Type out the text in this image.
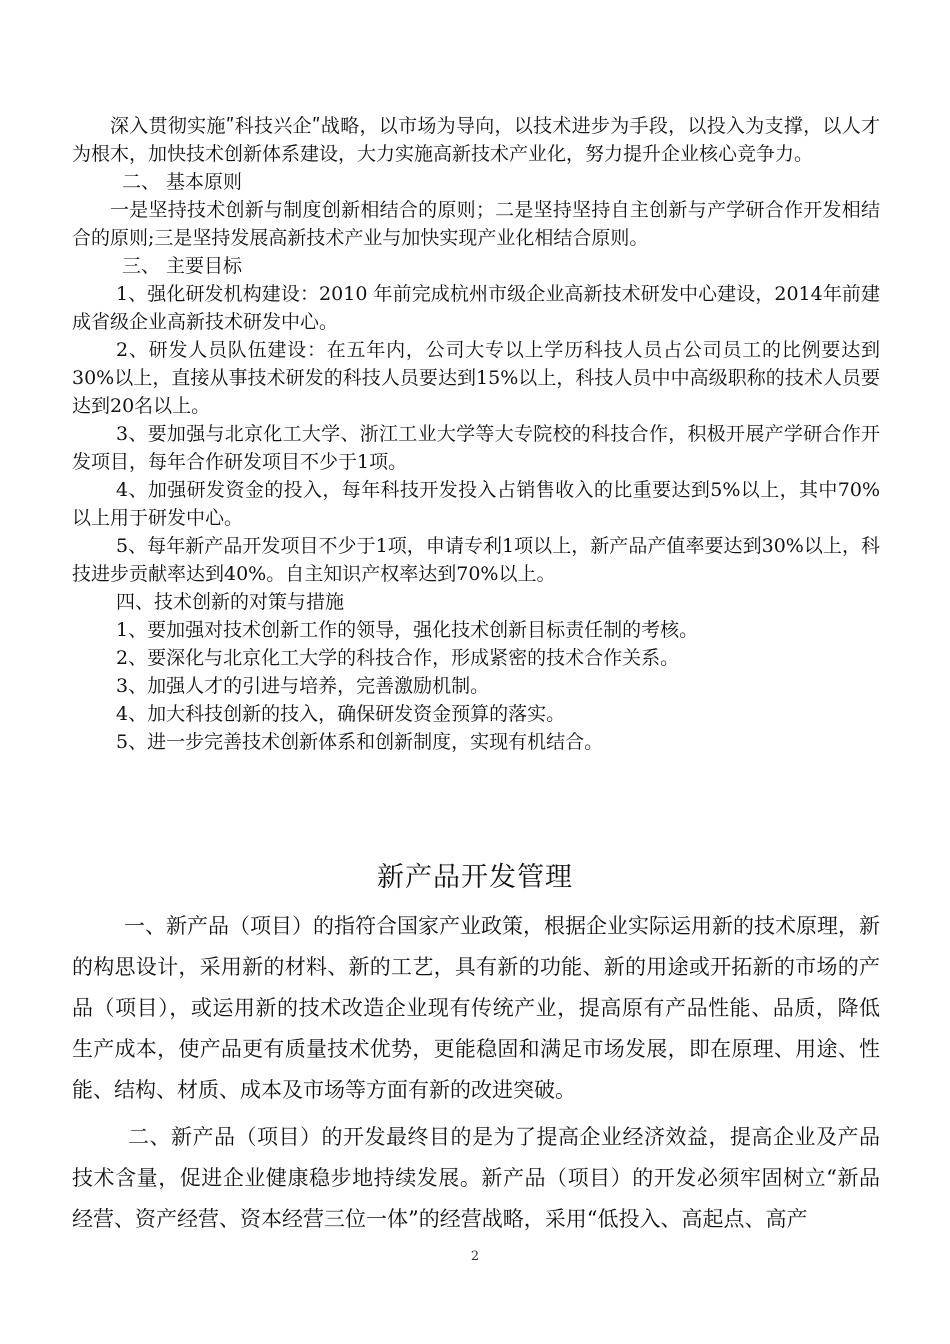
深入贯彻实施ʺ科技兴企ʺ战略，以市场为导向，以技术进步为手段，以投入为支撑，以人才为根木，加快技术创新体系建设，大力实施高新技术产业化，努力提升企业核心竞争力。

二、 基本原则

一是坚持技术创新与制度创新相结合的原则；二是坚持坚持自主创新与产学研合作开发相结合的原则;三是坚持发展高新技术产业与加快实现产业化相结合原则。

三、 主要目标

1、强化研发机构建设：2010 年前完成杭州市级企业高新技术研发中心建设，2014年前建成省级企业高新技术研发中心。

2、研发人员队伍建设：在五年内，公司大专以上学历科技人员占公司员工的比例要达到30%以上，直接从事技术研发的科技人员要达到15%以上，科技人员中中高级职称的技术人员要达到20名以上。

3、要加强与北京化工大学、浙江工业大学等大专院校的科技合作，积极开展产学研合作开发项目，每年合作研发项目不少于1项。

4、加强研发资金的投入，每年科技开发投入占销售收入的比重要达到5%以上，其中70%以上用于研发中心。

5、每年新产品开发项目不少于1项，申请专利1项以上，新产品产值率要达到30%以上，科技进步贡献率达到40%。自主知识产权率达到70%以上。

四、技术创新的对策与措施

1、要加强对技术创新工作的领导，强化技术创新目标责任制的考核。

2、要深化与北京化工大学的科技合作，形成紧密的技术合作关系。

3、加强人才的引进与培养，完善激励机制。

4、加大科技创新的技入，确保研发资金预算的落实。

5、进一步完善技术创新体系和创新制度，实现有机结合。

新产品开发管理

一、新产品（项目）的指符合国家产业政策，根据企业实际运用新的技术原理，新的构思设计，采用新的材料、新的工艺，具有新的功能、新的用途或开拓新的市场的产品（项目），或运用新的技术改造企业现有传统产业，提高原有产品性能、品质，降低生产成本，使产品更有质量技术优势，更能稳固和满足市场发展，即在原理、用途、性能、结构、材质、成本及市场等方面有新的改进突破。

二、新产品（项目）的开发最终目的是为了提高企业经济效益，提高企业及产品技术含量，促进企业健康稳步地持续发展。新产品（项目）的开发必须牢固树立“新品经营、资产经营、资本经营三位一体”的经营战略，采用“低投入、高起点、高产

2
